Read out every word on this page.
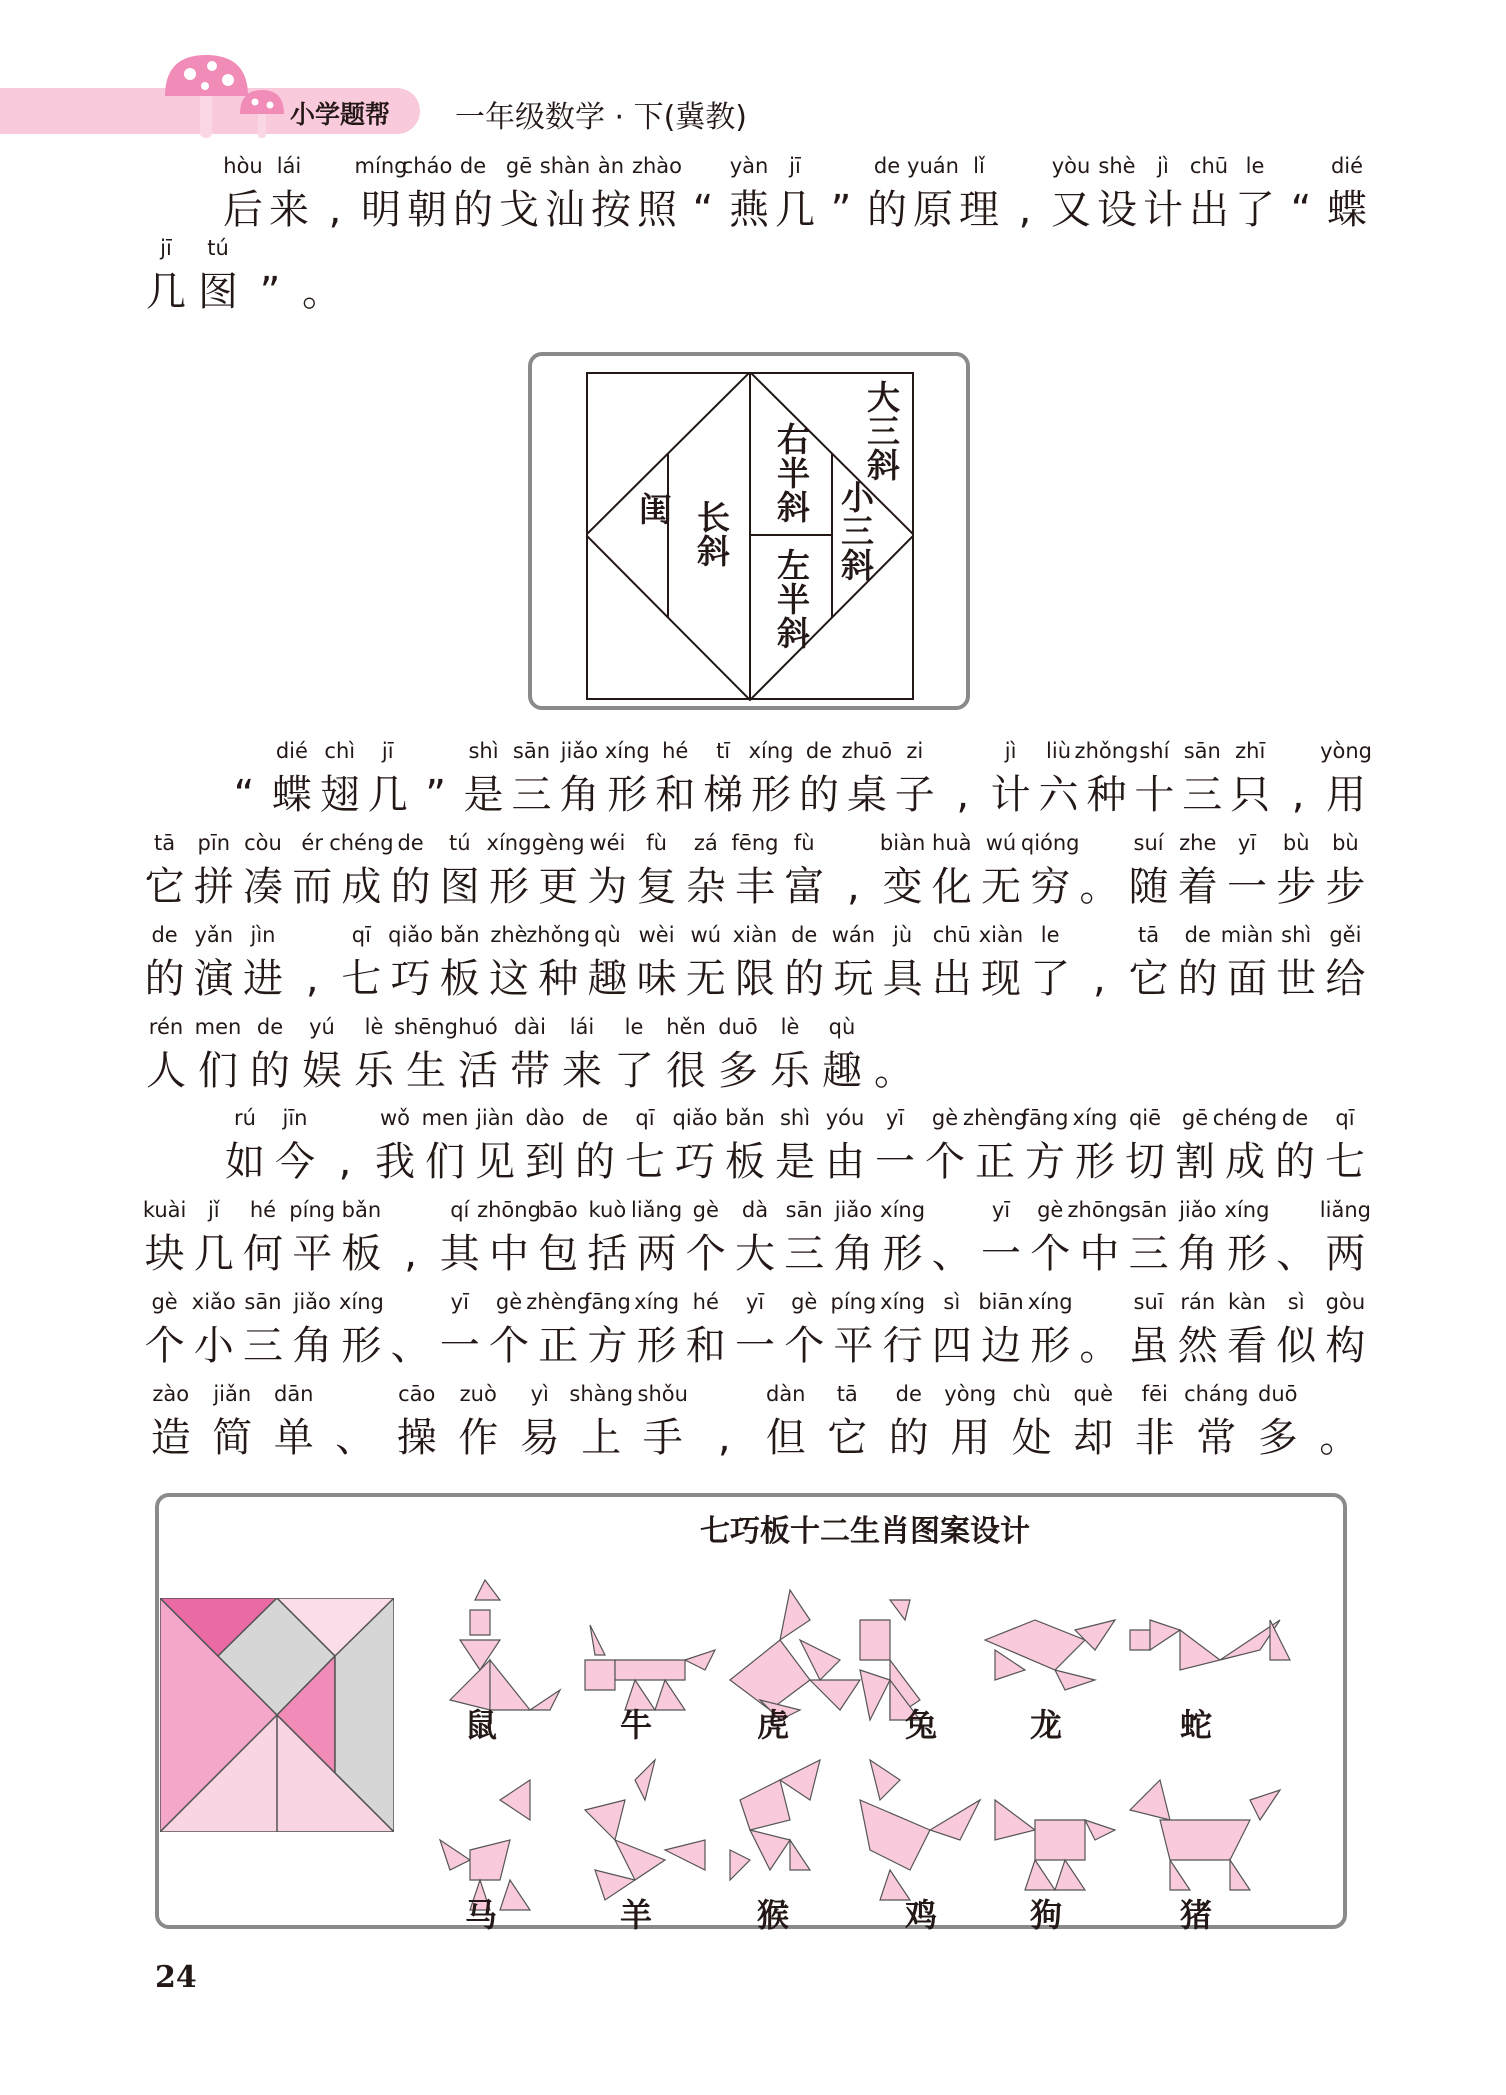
小学题帮 一年级数学 · 下(冀教)
hòu
后
lái
来 ,
míng
明
cháo
朝
de
的
gē
戈
shàn
汕
àn
按
zhào
照 “
yàn
燕
jī
几 ”
de
的
yuán
原
lǐ
理 ,
yòu
又
shè
设
jì
计
chū
出
le
了 “
dié
蝶
jī
几
tú
图 ” 。
“
dié
蝶
chì
翅
jī
几 ”
shì
是
sān
三
jiǎo
角
xíng
形
hé
和
tī
梯
xíng
形
de
的
zhuō
桌
zi
子 ,
jì
计
liù
六
zhǒng
种
shí
十
sān
三
zhī
只 ,
yòng
用
tā
它
pīn
拼
còu
凑
ér
而
chéng
成
de
的
tú
图
xíng
形
gèng
更
wéi
为
fù
复
zá
杂
fēng
丰
fù
富 ,
biàn
变
huà
化
wú
无
qióng
穷 。
suí
随
zhe
着
yī
一
bù
步
bù
步
de
的
yǎn
演
jìn
进 ,
qī
七
qiǎo
巧
bǎn
板
zhè
这
zhǒng
种
qù
趣
wèi
味
wú
无
xiàn
限
de
的
wán
玩
jù
具
chū
出
xiàn
现
le
了 ,
tā
它
de
的
miàn
面
shì
世
gěi
给
rén
人
men
们
de
的
yú
娱
lè
乐
shēng
生
huó
活
dài
带
lái
来
le
了
hěn
很
duō
多
lè
乐
qù
趣 。
rú
如
jīn
今 ,
wǒ
我
men
们
jiàn
见
dào
到
de
的
qī
七
qiǎo
巧
bǎn
板
shì
是
yóu
由
yī
一
gè
个
zhèng
正
fāng
方
xíng
形
qiē
切
gē
割
chéng
成
de
的
qī
七
kuài
块
jǐ
几
hé
何
píng
平
bǎn
板 ,
qí
其
zhōng
中
bāo
包
kuò
括
liǎng
两
gè
个
dà
大
sān
三
jiǎo
角
xíng
形 、
yī
一
gè
个
zhōng
中
sān
三
jiǎo
角
xíng
形 、
liǎng
两
gè
个
xiǎo
小
sān
三
jiǎo
角
xíng
形 、
yī
一
gè
个
zhèng
正
fāng
方
xíng
形
hé
和
yī
一
gè
个
píng
平
xíng
行
sì
四
biān
边
xíng
形 。
suī
虽
rán
然
kàn
看
sì
似
gòu
构
zào
造
jiǎn
简
dān
单 、
cāo
操
zuò
作
yì
易
shàng
上
shǒu
手 ,
dàn
但
tā
它
de
的
yòng
用
chù
处
què
却
fēi
非
cháng
常
duō
多 。
大三斜
右半斜
小三斜
左半斜
长斜
闺
七巧板十二生肖图案设计
鼠	牛	虎	兔	龙	蛇
马	羊	猴	鸡	狗	猪
24
